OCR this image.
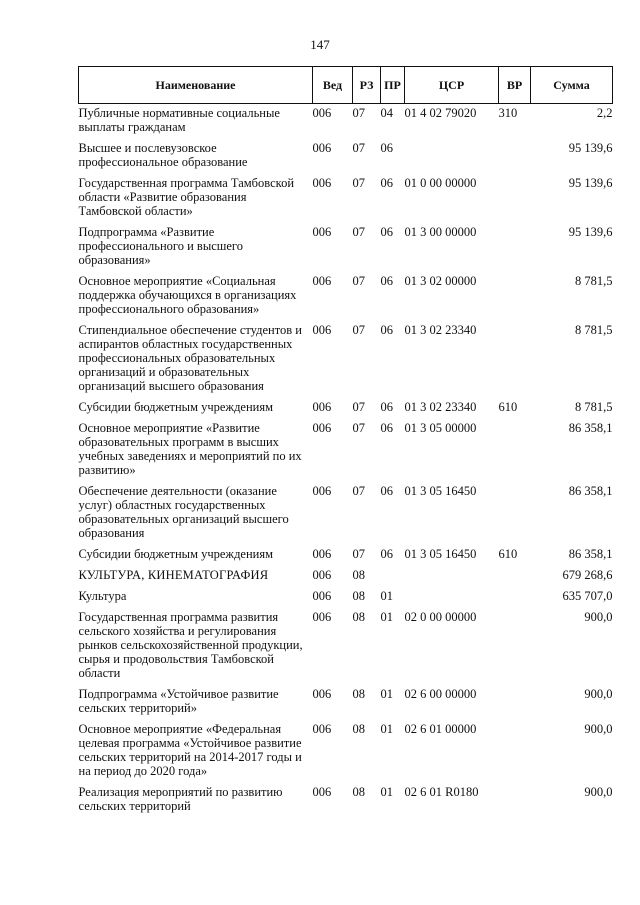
147
Наименование	Вед	РЗ	ПР	ЦСР	ВР	Сумма
Публичные нормативные социальные выплаты гражданам	006	07	04	01 4 02 79020	310	2,2
Высшее и послевузовское профессиональное образование	006	07	06			95 139,6
Государственная программа Тамбовской области «Развитие образования Тамбовской области»	006	07	06	01 0 00 00000		95 139,6
Подпрограмма «Развитие профессионального и высшего образования»	006	07	06	01 3 00 00000		95 139,6
Основное мероприятие «Социальная поддержка обучающихся в организациях профессионального образования»	006	07	06	01 3 02 00000		8 781,5
Стипендиальное обеспечение студентов и аспирантов областных государственных профессиональных образовательных организаций и образовательных организаций высшего образования	006	07	06	01 3 02 23340		8 781,5
Субсидии бюджетным учреждениям	006	07	06	01 3 02 23340	610	8 781,5
Основное мероприятие «Развитие образовательных программ в высших учебных заведениях и мероприятий по их развитию»	006	07	06	01 3 05 00000		86 358,1
Обеспечение деятельности (оказание услуг) областных государственных образовательных организаций высшего образования	006	07	06	01 3 05 16450		86 358,1
Субсидии бюджетным учреждениям	006	07	06	01 3 05 16450	610	86 358,1
КУЛЬТУРА, КИНЕМАТОГРАФИЯ	006	08				679 268,6
Культура	006	08	01			635 707,0
Государственная программа развития сельского хозяйства и регулирования рынков сельскохозяйственной продукции, сырья и продовольствия Тамбовской области	006	08	01	02 0 00 00000		900,0
Подпрограмма «Устойчивое развитие сельских территорий»	006	08	01	02 6 00 00000		900,0
Основное мероприятие «Федеральная целевая программа «Устойчивое развитие сельских территорий на 2014-2017 годы и на период до 2020 года»	006	08	01	02 6 01 00000		900,0
Реализация мероприятий по развитию сельских территорий	006	08	01	02 6 01 R0180		900,0
